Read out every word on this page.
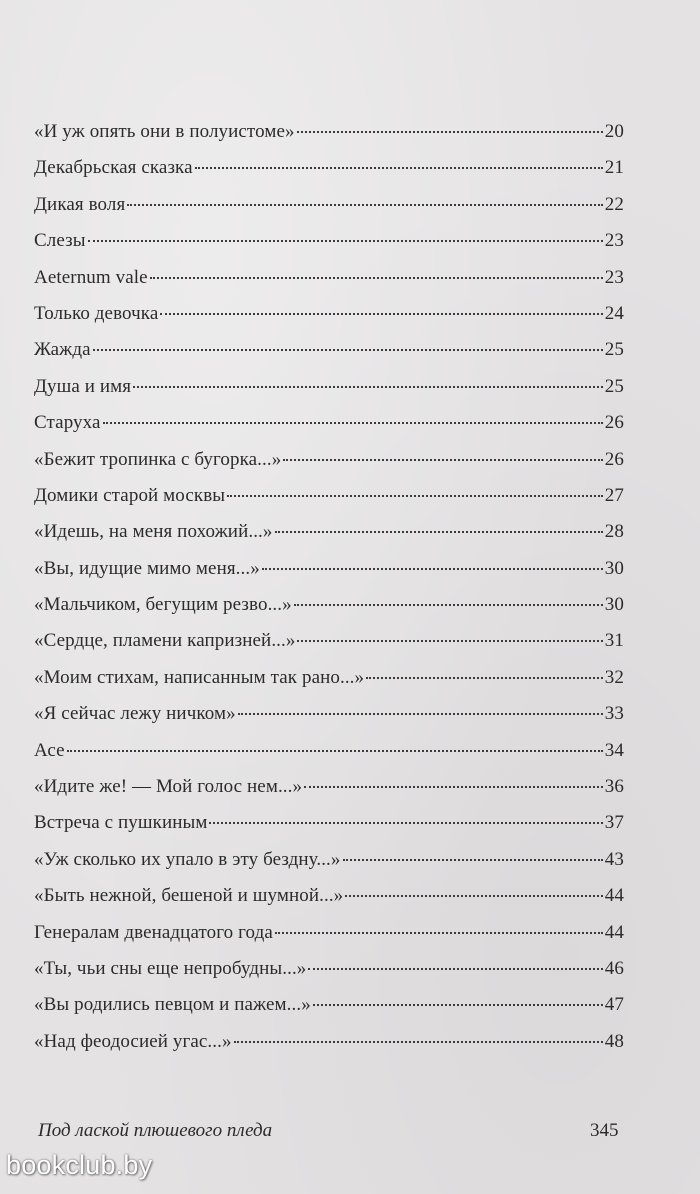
«И уж опять они в полуистоме»	20
Декабрьская сказка	21
Дикая воля	22
Слезы	23
Aeternum vale	23
Только девочка	24
Жажда	25
Душа и имя	25
Старуха	26
«Бежит тропинка с бугорка...»	26
Домики старой москвы	27
«Идешь, на меня похожий...»	28
«Вы, идущие мимо меня...»	30
«Мальчиком, бегущим резво...»	30
«Сердце, пламени капризней...»	31
«Моим стихам, написанным так рано...»	32
«Я сейчас лежу ничком»	33
Асе	34
«Идите же! — Мой голос нем...»	36
Встреча с пушкиным	37
«Уж сколько их упало в эту бездну...»	43
«Быть нежной, бешеной и шумной...»	44
Генералам двенадцатого года	44
«Ты, чьи сны еще непробудны...»	46
«Вы родились певцом и пажем...»	47
«Над феодосией угас...»	48
Под лаской плюшевого пледа	345
bookclub.by
